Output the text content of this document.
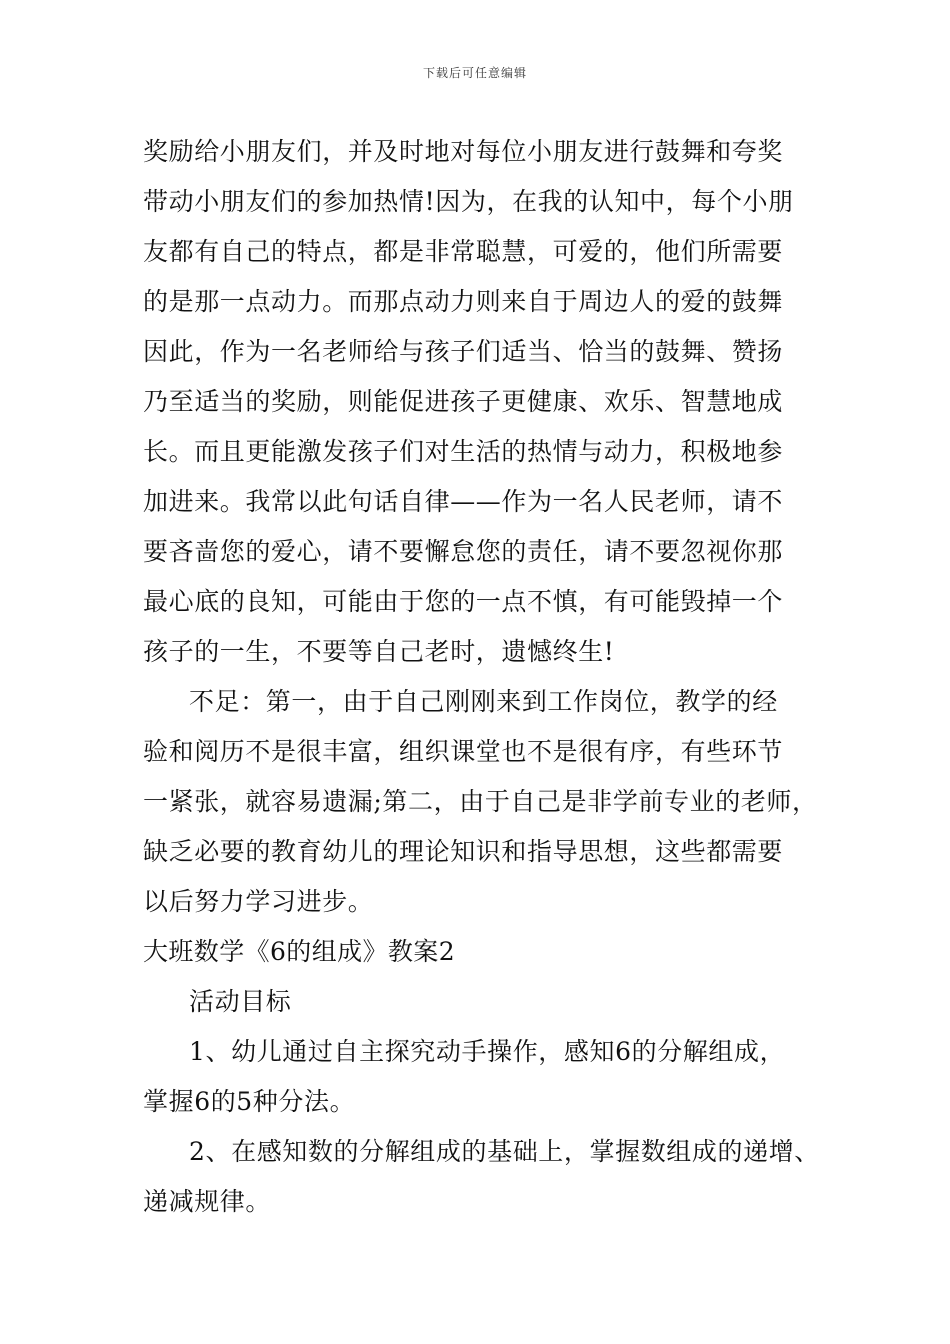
下载后可任意编辑
奖励给小朋友们，并及时地对每位小朋友进行鼓舞和夸奖
带动小朋友们的参加热情!因为，在我的认知中，每个小朋
友都有自己的特点，都是非常聪慧，可爱的，他们所需要
的是那一点动力。而那点动力则来自于周边人的爱的鼓舞
因此，作为一名老师给与孩子们适当、恰当的鼓舞、赞扬
乃至适当的奖励，则能促进孩子更健康、欢乐、智慧地成
长。而且更能激发孩子们对生活的热情与动力，积极地参
加进来。我常以此句话自律——作为一名人民老师，请不
要吝啬您的爱心，请不要懈怠您的责任，请不要忽视你那
最心底的良知，可能由于您的一点不慎，有可能毁掉一个
孩子的一生，不要等自己老时，遗憾终生!
不足：第一，由于自己刚刚来到工作岗位，教学的经
验和阅历不是很丰富，组织课堂也不是很有序，有些环节
一紧张，就容易遗漏;第二，由于自己是非学前专业的老师，
缺乏必要的教育幼儿的理论知识和指导思想，这些都需要
以后努力学习进步。
大班数学《6的组成》教案2
活动目标
1、幼儿通过自主探究动手操作，感知6的分解组成，
掌握6的5种分法。
2、在感知数的分解组成的基础上，掌握数组成的递增、
递减规律。
